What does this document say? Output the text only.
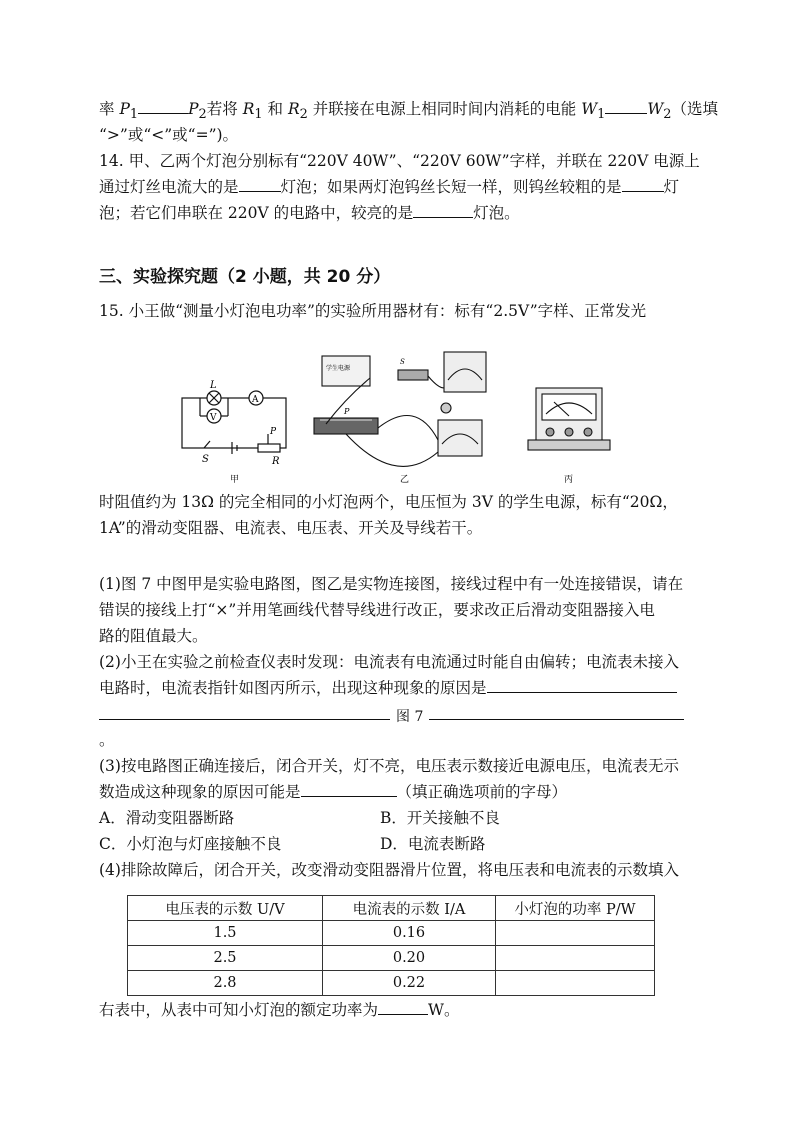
率 $P_1$	$P_2$若将 $R_1$ 和 $R_2$ 并联接在电源上相同时间内消耗的电能 $W_1$	$W_2$（选填
“>”或“<”或“=”)。
14. 甲、乙两个灯泡分别标有“220V 40W”、“220V 60W”字样，并联在 220V 电源上
通过灯丝电流大的是	灯泡；如果两灯泡钨丝长短一样，则钨丝较粗的是	灯
泡；若它们串联在 220V 的电路中，较亮的是	灯泡。
三、实验探究题（2 小题，共 20 分）
15. 小王做“测量小灯泡电功率”的实验所用器材有：标有“2.5V”字样、正常发光
L
A
V
S
P
R
甲
学生电源
P
S
乙	丙
时阻值约为 13Ω 的完全相同的小灯泡两个，电压恒为 3V 的学生电源，标有“20Ω，
1A”的滑动变阻器、电流表、电压表、开关及导线若干。
(1)图 7 中图甲是实验电路图，图乙是实物连接图，接线过程中有一处连接错误，请在
错误的接线上打“×”并用笔画线代替导线进行改正，要求改正后滑动变阻器接入电
路的阻值最大。
(2)小王在实验之前检查仪表时发现：电流表有电流通过时能自由偏转；电流表未接入
电路时，电流表指针如图丙所示，出现这种现象的原因是
图 7
。
(3)按电路图正确连接后，闭合开关，灯不亮，电压表示数接近电源电压，电流表无示
数造成这种现象的原因可能是	（填正确选项前的字母）
A．滑动变阻器断路	B．开关接触不良
C．小灯泡与灯座接触不良	D．电流表断路
(4)排除故障后，闭合开关，改变滑动变阻器滑片位置，将电压表和电流表的示数填入
电压表的示数 U/V	电流表的示数 I/A	小灯泡的功率 P/W
1.5	0.16	
2.5	0.20	
2.8	0.22	
右表中，从表中可知小灯泡的额定功率为	W。
